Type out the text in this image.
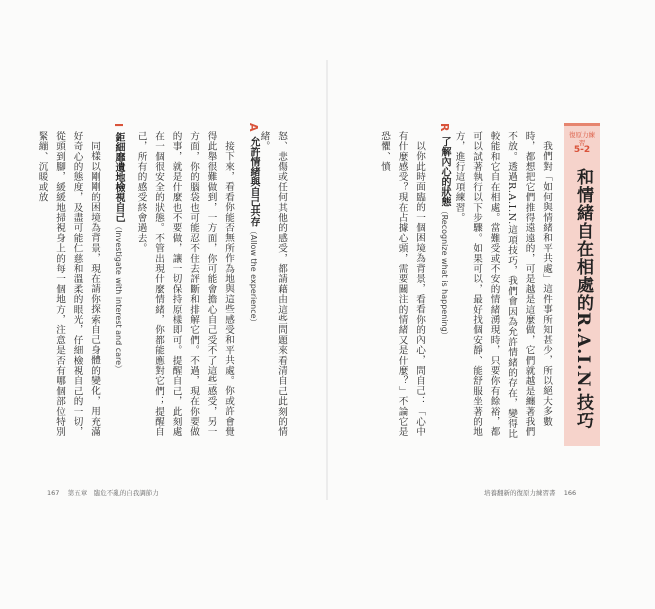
復原力練習
5-2
和情緒自在相處的R.A.I.N.技巧

我們對「如何與情緒和平共處」這件事所知甚少，所以絕大多數時，都想把它們推得遠遠的，可是越是這麼做，它們就越是纏著我們不放。透過R.A.I.N.這項技巧，我們會因為允許情緒的存在，變得比較能和它自在相處。當難受或不安的情緒湧現時，只要你有餘裕，都可以試著執行以下步驟。如果可以，最好找個安靜、能舒服坐著的地方，進行這項練習。

R 了解內心的狀態（Recognize what is happening）

以你此時面臨的一個困境為背景，看看你的內心，問自己：「心中有什麼感受？現在占據心頭，需要關注的情緒又是什麼？」不論它是恐懼、憤

怒、悲傷或任何其他的感受，都請藉由這些問題來看清自己此刻的情緒。

A 允許情緒與自己共存（Allow the experience）

接下來，看看你能否無所作為地與這些感受和平共處。你或許會覺得此舉很難做到，一方面，你可能會擔心自己受不了這些感受，另一方面，你的腦袋也可能忍不住去評斷和排解它們。不過，現在你要做的事，就是什麼也不要做，讓一切保持原樣即可。提醒自己，此刻處在一個很安全的狀態。不管出現什麼情緒，你都能應對它們；提醒自己，所有的感受終會過去。

I 鉅細靡遺地檢視自己（Investigate with interest and care）

同樣以剛剛的困境為背景，現在請你探索自己身體的變化，用充滿好奇心的態度，及盡可能仁慈和溫柔的眼光，仔細檢視自己的一切，從頭到腳，緩緩地掃視身上的每一個地方，注意是否有哪個部位特別緊繃、沉暖或放

167 第五章　臨危不亂的自我調節力	培養翻新的復原力練習書 166
